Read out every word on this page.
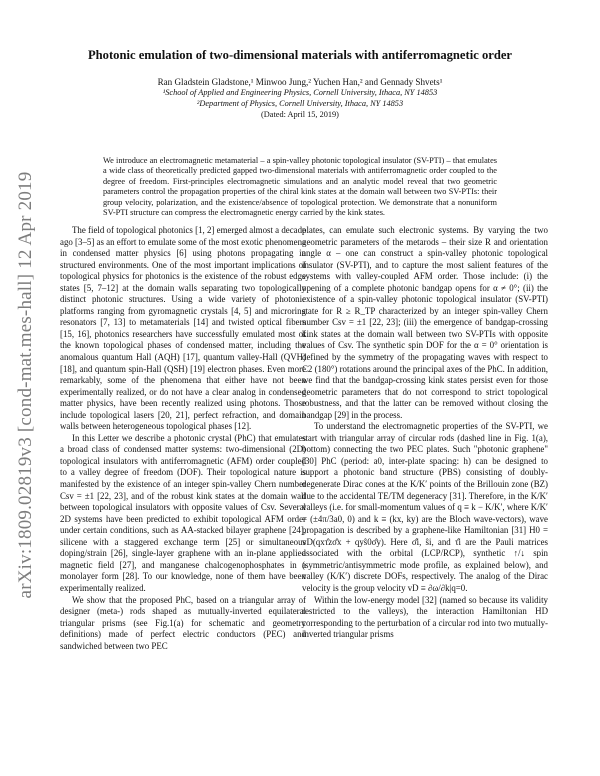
arXiv:1809.02819v3 [cond-mat.mes-hall] 12 Apr 2019
Photonic emulation of two-dimensional materials with antiferromagnetic order
Ran Gladstein Gladstone,¹ Minwoo Jung,² Yuchen Han,² and Gennady Shvets¹
¹School of Applied and Engineering Physics, Cornell University, Ithaca, NY 14853
²Department of Physics, Cornell University, Ithaca, NY 14853
(Dated: April 15, 2019)
We introduce an electromagnetic metamaterial – a spin-valley photonic topological insulator (SV-PTI) – that emulates a wide class of theoretically predicted gapped two-dimensional materials with antiferromagnetic order coupled to the degree of freedom. First-principles electromagnetic simulations and an analytic model reveal that two geometric parameters control the propagation properties of the chiral kink states at the domain wall between two SV-PTIs: their group velocity, polarization, and the existence/absence of topological protection. We demonstrate that a nonuniform SV-PTI structure can compress the electromagnetic energy carried by the kink states.

The field of topological photonics [1, 2] emerged almost a decade ago [3–5] as an effort to emulate some of the most exotic phenomena in condensed matter physics [6] using photons propagating in structured environments. One of the most important implications of topological physics for photonics is the existence of the robust edge states [5, 7–12] at the domain walls separating two topologically distinct photonic structures. Using a wide variety of photonic platforms ranging from gyromagnetic crystals [4, 5] and microring resonators [7, 13] to metamaterials [14] and twisted optical fibers [15, 16], photonics researchers have successfully emulated most of the known topological phases of condensed matter, including the anomalous quantum Hall (AQH) [17], quantum valley-Hall (QVH) [18], and quantum spin-Hall (QSH) [19] electron phases. Even more remarkably, some of the phenomena that either have not been experimentally realized, or do not have a clear analog in condensed matter physics, have been recently realized using photons. Those include topological lasers [20, 21], perfect refraction, and domain walls between heterogeneous topological phases [12].

In this Letter we describe a photonic crystal (PhC) that emulates a broad class of condensed matter systems: two-dimensional (2D) topological insulators with antiferromagnetic (AFM) order coupled to a valley degree of freedom (DOF). Their topological nature is manifested by the existence of an integer spin-valley Chern number Csv = ±1 [22, 23], and of the robust kink states at the domain wall between topological insulators with opposite values of Csv. Several 2D systems have been predicted to exhibit topological AFM order under certain conditions, such as AA-stacked bilayer graphene [24], silicene with a staggered exchange term [25] or simultaneous doping/strain [26], single-layer graphene with an in-plane applied magnetic field [27], and manganese chalcogenophosphates in a monolayer form [28]. To our knowledge, none of them have been experimentally realized.

We show that the proposed PhC, based on a triangular array of designer (meta-) rods shaped as mutually-inverted equilateral triangular prisms (see Fig.1(a) for schematic and geometry definitions) made of perfect electric conductors (PEC) and sandwiched between two PEC

plates, can emulate such electronic systems. By varying the two geometric parameters of the metarods – their size R and orientation angle α – one can construct a spin-valley photonic topological insulator (SV-PTI), and to capture the most salient features of the systems with valley-coupled AFM order. Those include: (i) the opening of a complete photonic bandgap opens for α ≠ 0°; (ii) the existence of a spin-valley photonic topological insulator (SV-PTI) state for R ≥ R_TP characterized by an integer spin-valley Chern number Csv = ±1 [22, 23]; (iii) the emergence of bandgap-crossing kink states at the domain wall between two SV-PTIs with opposite values of Csv. The synthetic spin DOF for the α = 0° orientation is defined by the symmetry of the propagating waves with respect to C2 (180°) rotations around the principal axes of the PhC. In addition, we find that the bandgap-crossing kink states persist even for those geometric parameters that do not correspond to strict topological robustness, and that the latter can be removed without closing the bandgap [29] in the process.

To understand the electromagnetic properties of the SV-PTI, we start with triangular array of circular rods (dashed line in Fig. 1(a), bottom) connecting the two PEC plates. Such "photonic graphene" [30] PhC (period: a0, inter-plate spacing: h) can be designed to support a photonic band structure (PBS) consisting of doubly-degenerate Dirac cones at the K/K′ points of the Brillouin zone (BZ) due to the accidental TE/TM degeneracy [31]. Therefore, in the K/K′ valleys (i.e. for small-momentum values of q ≡ k − K/K′, where K/K′ = (±4π/3a0, 0) and k ≡ (kx, ky) are the Bloch wave-vectors), wave propagation is described by a graphene-like Hamiltonian [31] H0 = vD(qxτ̂zσ̂x + qyŝ0σ̂y). Here σ̂i, ŝi, and τ̂i are the Pauli matrices associated with the orbital (LCP/RCP), synthetic ↑/↓ spin (symmetric/antisymmetric mode profile, as explained below), and valley (K/K′) discrete DOFs, respectively. The analog of the Dirac velocity is the group velocity vD ≡ ∂ω/∂k|q=0.

Within the low-energy model [32] (named so because its validity restricted to the valleys), the interaction Hamiltonian HD corresponding to the perturbation of a circular rod into two mutually-inverted triangular prisms
